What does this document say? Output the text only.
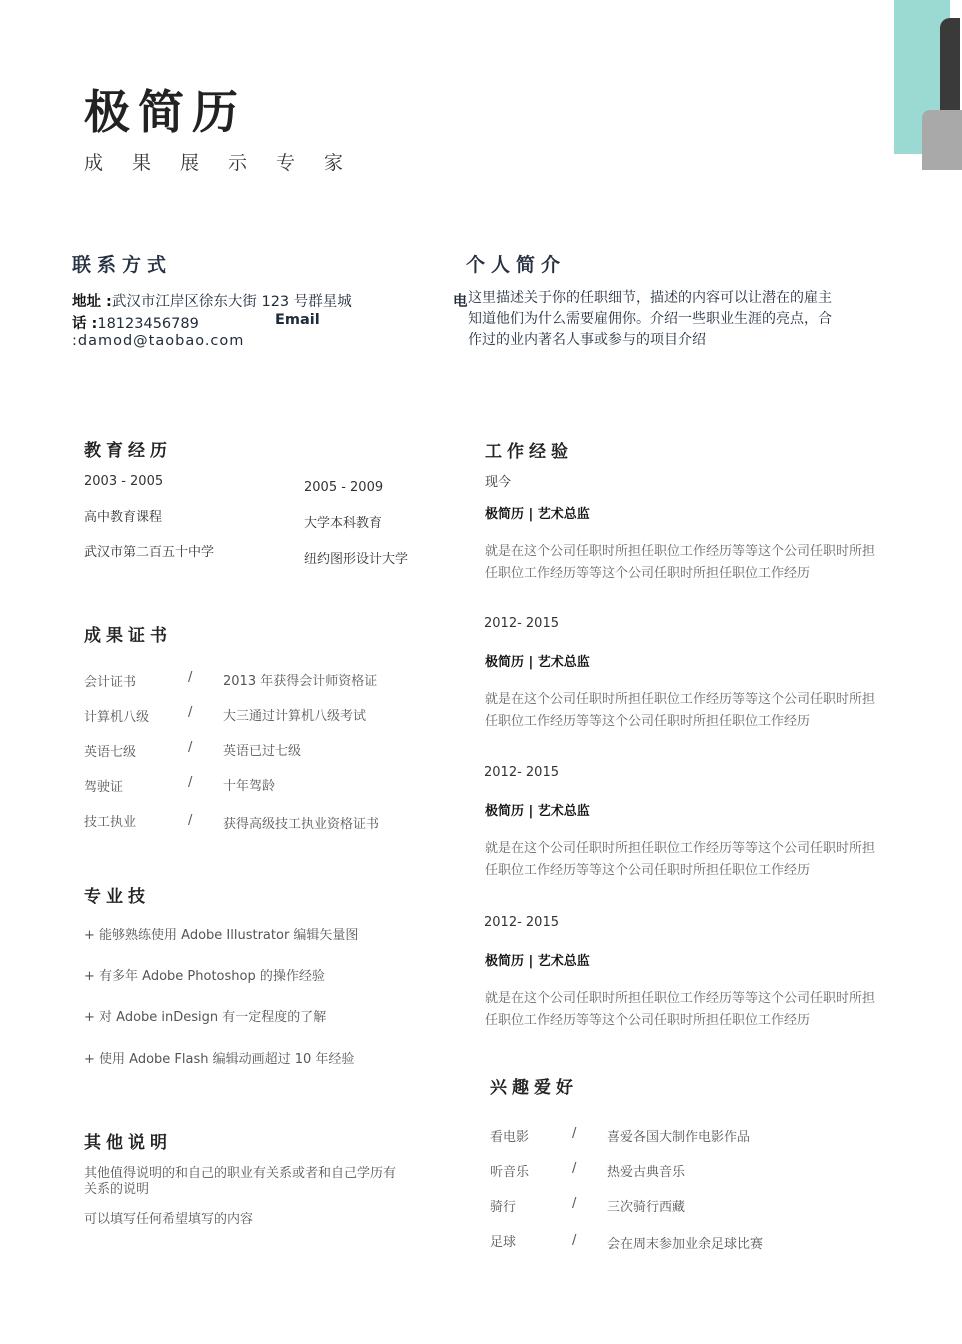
极简历
成果展示专家
联系方式
地址 :武汉市江岸区徐东大街 123 号群星城
话 :18123456789	Email
:damod@taobao.com
个人简介
电 这里描述关于你的任职细节，描述的内容可以让潜在的雇主知道他们为什么需要雇佣你。介绍一些职业生涯的亮点，合作过的业内著名人事或参与的项目介绍
教育经历
2003 - 2005
高中教育课程
武汉市第二百五十中学
2005 - 2009
大学本科教育
纽约图形设计大学
成果证书
会计证书	/ 2013 年获得会计师资格证
计算机八级	/ 大三通过计算机八级考试
英语七级	/ 英语已过七级
驾驶证	/ 十年驾龄
技工执业	/ 获得高级技工执业资格证书
专业技
+ 能够熟练使用 Adobe Illustrator 编辑矢量图
+ 有多年 Adobe Photoshop 的操作经验
+ 对 Adobe inDesign 有一定程度的了解
+ 使用 Adobe Flash 编辑动画超过 10 年经验
其他说明
其他值得说明的和自己的职业有关系或者和自己学历有
关系的说明
可以填写任何希望填写的内容
工作经验
现今
极简历 | 艺术总监
就是在这个公司任职时所担任职位工作经历等等这个公司任职时所担任职位工作经历等等这个公司任职时所担任职位工作经历
2012- 2015
极简历 | 艺术总监
就是在这个公司任职时所担任职位工作经历等等这个公司任职时所担任职位工作经历等等这个公司任职时所担任职位工作经历
2012- 2015
极简历 | 艺术总监
就是在这个公司任职时所担任职位工作经历等等这个公司任职时所担任职位工作经历等等这个公司任职时所担任职位工作经历
2012- 2015
极简历 | 艺术总监
就是在这个公司任职时所担任职位工作经历等等这个公司任职时所担任职位工作经历等等这个公司任职时所担任职位工作经历
兴趣爱好
看电影	/ 喜爱各国大制作电影作品
听音乐	/ 热爱古典音乐
骑行	/ 三次骑行西藏
足球	/ 会在周末参加业余足球比赛
